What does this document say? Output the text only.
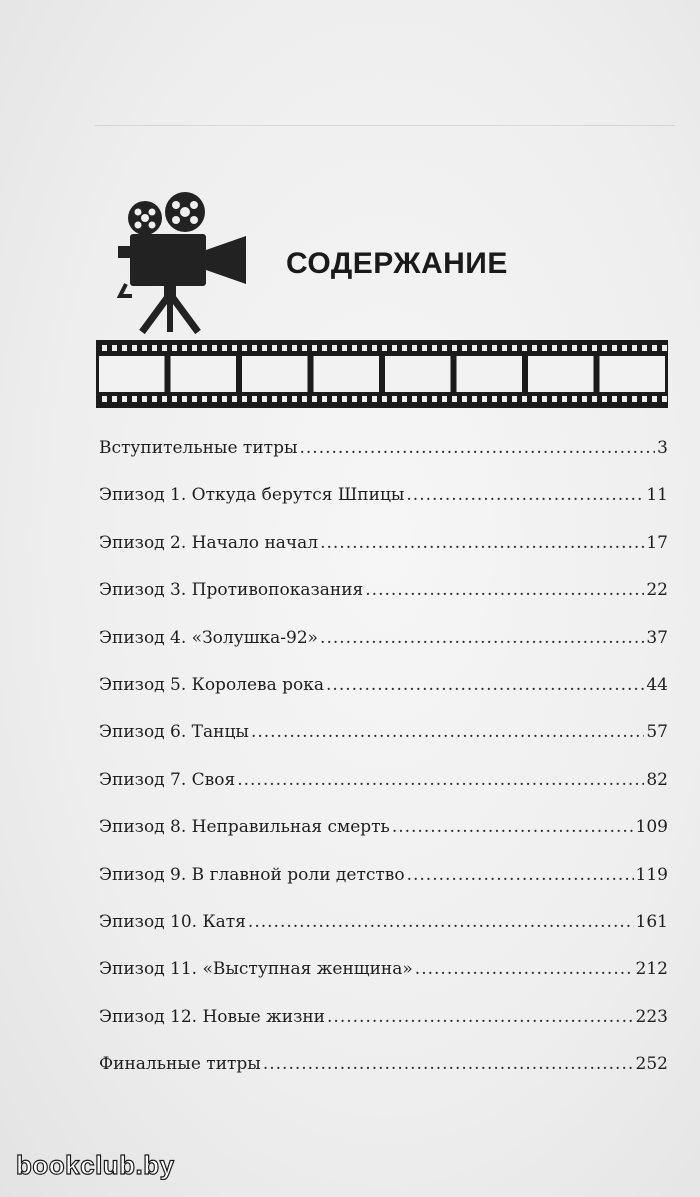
СОДЕРЖАНИЕ
Вступительные титры .....	3
Эпизод 1. Откуда берутся Шпицы .....	11
Эпизод 2. Начало начал .....	17
Эпизод 3. Противопоказания .....	22
Эпизод 4. «Золушка-92» .....	37
Эпизод 5. Королева рока .....	44
Эпизод 6. Танцы .....	57
Эпизод 7. Своя .....	82
Эпизод 8. Неправильная смерть .....	109
Эпизод 9. В главной роли детство .....	119
Эпизод 10. Катя .....	161
Эпизод 11. «Выступная женщина» .....	212
Эпизод 12. Новые жизни .....	223
Финальные титры .....	252
bookclub.by
